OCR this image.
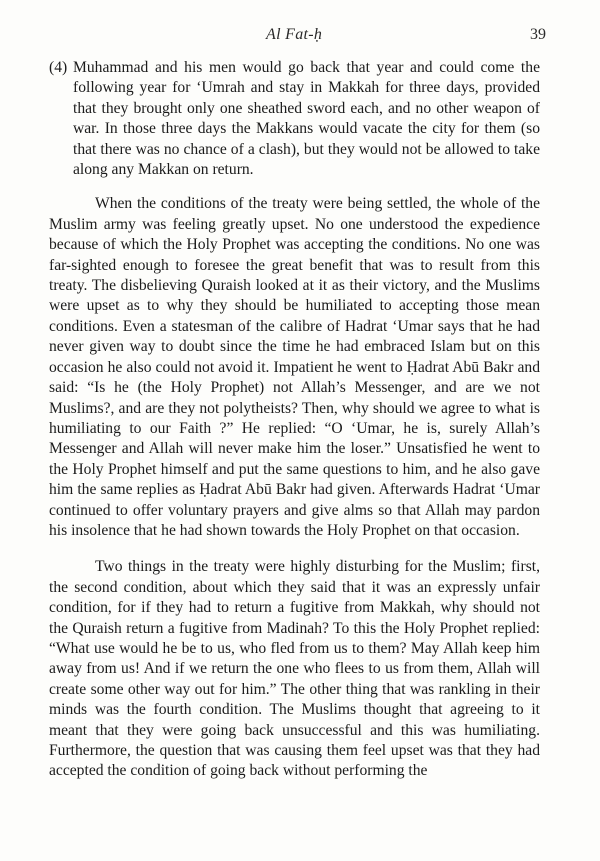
Al Fat-ḥ	39

(4) Muhammad and his men would go back that year and could come the following year for ‘Umrah and stay in Makkah for three days, provided that they brought only one sheathed sword each, and no other weapon of war. In those three days the Makkans would vacate the city for them (so that there was no chance of a clash), but they would not be allowed to take along any Makkan on return.

When the conditions of the treaty were being settled, the whole of the Muslim army was feeling greatly upset. No one understood the expedience because of which the Holy Prophet was accepting the conditions. No one was far-sighted enough to foresee the great benefit that was to result from this treaty. The disbelieving Quraish looked at it as their victory, and the Muslims were upset as to why they should be humiliated to accepting those mean conditions. Even a statesman of the calibre of Hadrat ‘Umar says that he had never given way to doubt since the time he had embraced Islam but on this occasion he also could not avoid it. Impatient he went to Ḥadrat Abū Bakr and said: “Is he (the Holy Prophet) not Allah’s Messenger, and are we not Muslims?, and are they not polytheists? Then, why should we agree to what is humiliating to our Faith ?” He replied: “O ‘Umar, he is, surely Allah’s Messenger and Allah will never make him the loser.” Unsatisfied he went to the Holy Prophet himself and put the same questions to him, and he also gave him the same replies as Ḥadrat Abū Bakr had given. Afterwards Hadrat ‘Umar continued to offer voluntary prayers and give alms so that Allah may pardon his insolence that he had shown towards the Holy Prophet on that occasion.

Two things in the treaty were highly disturbing for the Muslim; first, the second condition, about which they said that it was an expressly unfair condition, for if they had to return a fugitive from Makkah, why should not the Quraish return a fugitive from Madinah? To this the Holy Prophet replied: “What use would he be to us, who fled from us to them? May Allah keep him away from us! And if we return the one who flees to us from them, Allah will create some other way out for him.” The other thing that was rankling in their minds was the fourth condition. The Muslims thought that agreeing to it meant that they were going back unsuccessful and this was humiliating. Furthermore, the question that was causing them feel upset was that they had accepted the condition of going back without performing the
